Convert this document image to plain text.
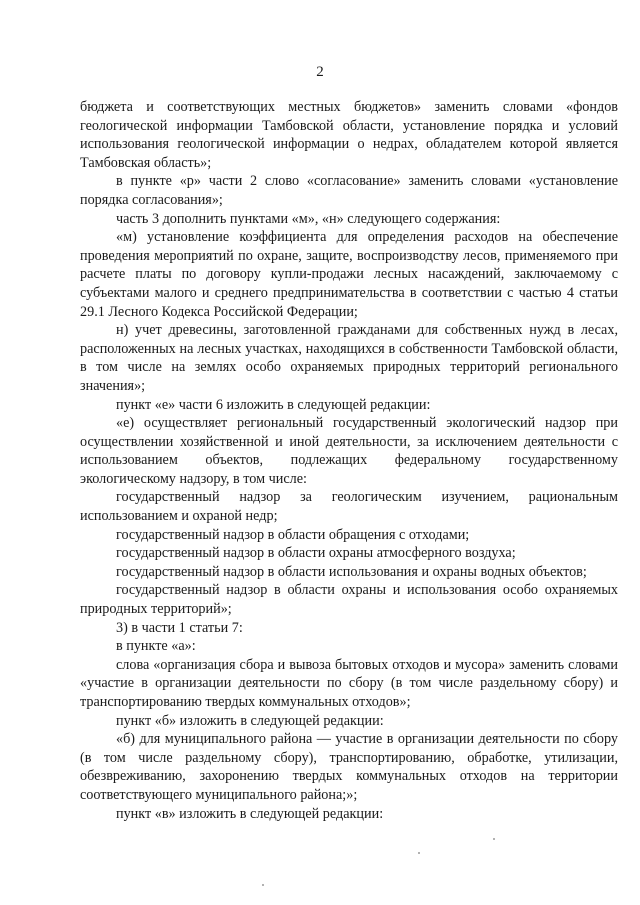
2

бюджета и соответствующих местных бюджетов» заменить словами «фондов геологической информации Тамбовской области, установление порядка и условий использования геологической информации о недрах, обладателем которой является Тамбовская область»;

в пункте «р» части 2 слово «согласование» заменить словами «установление порядка согласования»;

часть 3 дополнить пунктами «м», «н» следующего содержания:

«м) установление коэффициента для определения расходов на обеспечение проведения мероприятий по охране, защите, воспроизводству лесов, применяемого при расчете платы по договору купли-продажи лесных насаждений, заключаемому с субъектами малого и среднего предпринимательства в соответствии с частью 4 статьи 29.1 Лесного Кодекса Российской Федерации;

н) учет древесины, заготовленной гражданами для собственных нужд в лесах, расположенных на лесных участках, находящихся в собственности Тамбовской области, в том числе на землях особо охраняемых природных территорий регионального значения»;

пункт «е» части 6 изложить в следующей редакции:

«е) осуществляет региональный государственный экологический надзор при осуществлении хозяйственной и иной деятельности, за исключением деятельности с использованием объектов, подлежащих федеральному государственному экологическому надзору, в том числе:

государственный надзор за геологическим изучением, рациональным использованием и охраной недр;

государственный надзор в области обращения с отходами;

государственный надзор в области охраны атмосферного воздуха;

государственный надзор в области использования и охраны водных объектов;

государственный надзор в области охраны и использования особо охраняемых природных территорий»;

3) в части 1 статьи 7:

в пункте «а»:

слова «организация сбора и вывоза бытовых отходов и мусора» заменить словами «участие в организации деятельности по сбору (в том числе раздельному сбору) и транспортированию твердых коммунальных отходов»;

пункт «б» изложить в следующей редакции:

«б) для муниципального района — участие в организации деятельности по сбору (в том числе раздельному сбору), транспортированию, обработке, утилизации, обезвреживанию, захоронению твердых коммунальных отходов на территории соответствующего муниципального района;»;

пункт «в» изложить в следующей редакции:
